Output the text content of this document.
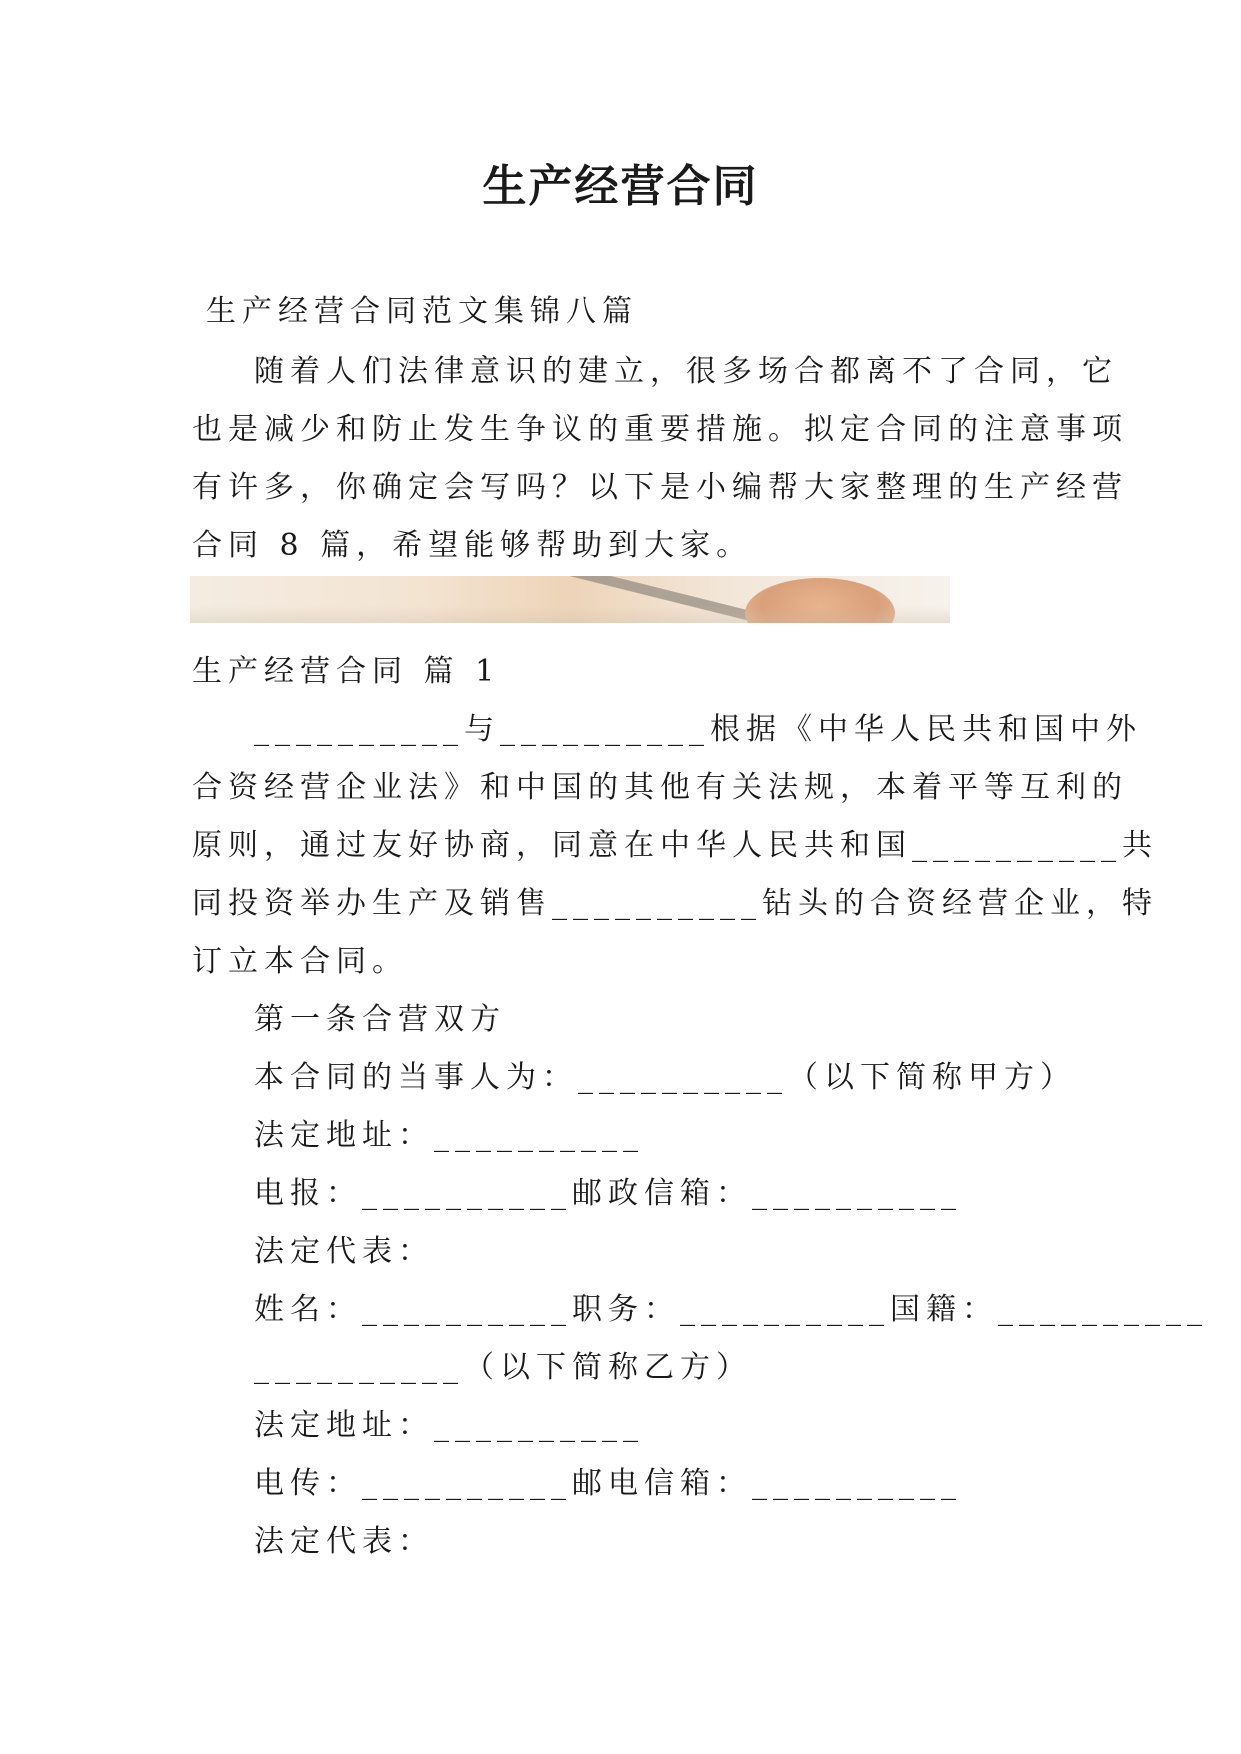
生产经营合同
生产经营合同范文集锦八篇
随着人们法律意识的建立，很多场合都离不了合同，它
也是减少和防止发生争议的重要措施。拟定合同的注意事项
有许多，你确定会写吗？以下是小编帮大家整理的生产经营
合同 8 篇，希望能够帮助到大家。
生产经营合同 篇 1
__________与__________根据《中华人民共和国中外
合资经营企业法》和中国的其他有关法规，本着平等互利的
原则，通过友好协商，同意在中华人民共和国__________共
同投资举办生产及销售__________钻头的合资经营企业，特
订立本合同。
第一条合营双方
本合同的当事人为：__________（以下简称甲方）
法定地址：__________
电报：__________邮政信箱：__________
法定代表：
姓名：__________职务：__________国籍：__________
__________（以下简称乙方）
法定地址：__________
电传：__________邮电信箱：__________
法定代表：
